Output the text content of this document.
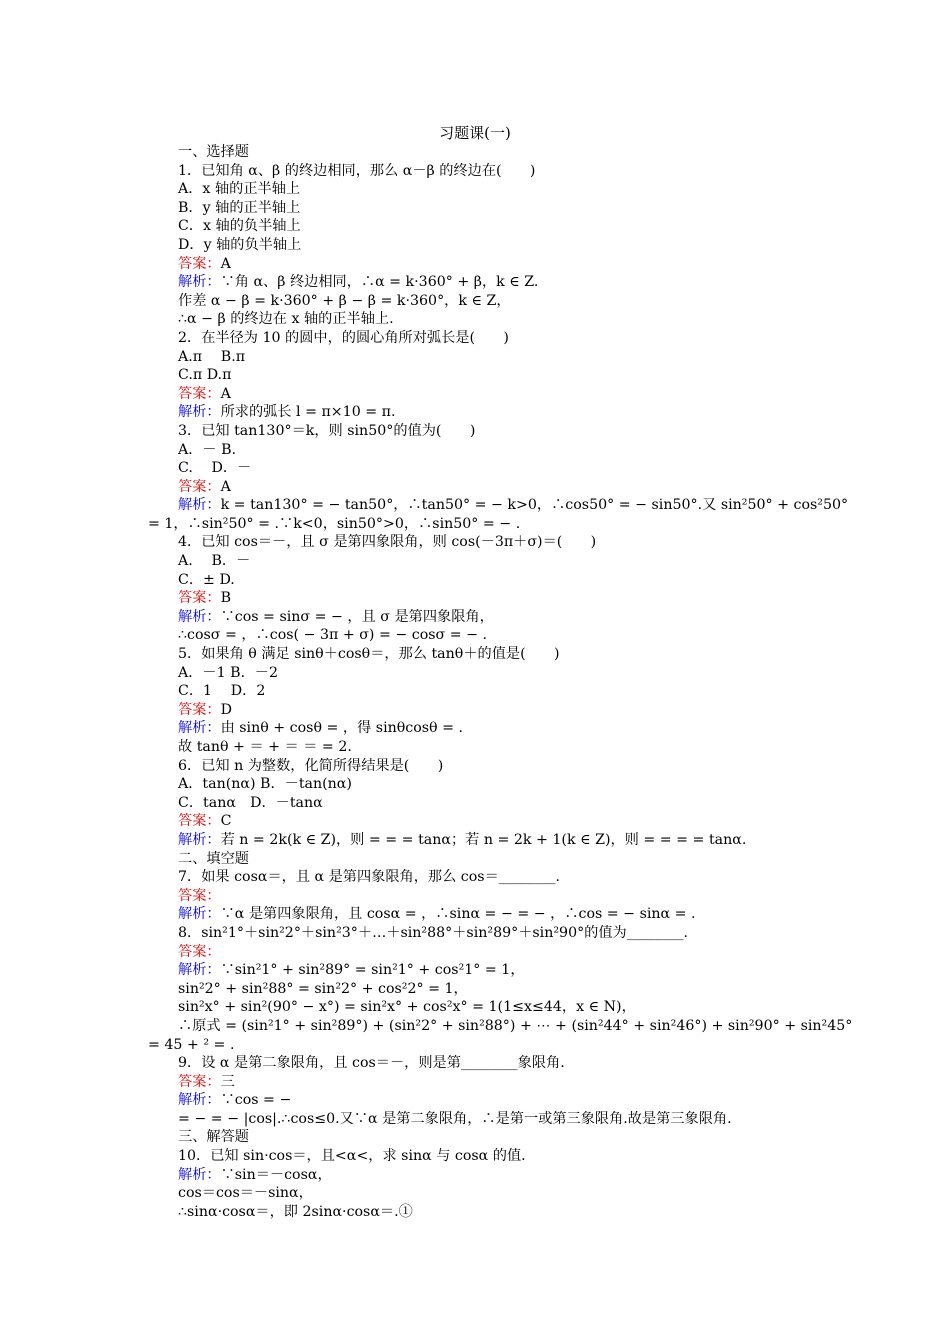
习题课(一)
一、选择题
1．已知角 α、β 的终边相同，那么 α－β 的终边在(　　)
A．x 轴的正半轴上
B．y 轴的正半轴上
C．x 轴的负半轴上
D．y 轴的负半轴上
答案：A
解析：∵角 α、β 终边相同，∴α = k·360° + β，k ∈ Z.
作差 α − β = k·360° + β − β = k·360°，k ∈ Z，
∴α − β 的终边在 x 轴的正半轴上.
2．在半径为 10 的圆中，的圆心角所对弧长是(　　)
A.π　 B.π
C.π D.π
答案：A
解析：所求的弧长 l = π×10 = π.
3．已知 tan130°＝k，则 sin50°的值为(　　)
A．－ B.
C.　 D．－
答案：A
解析：k = tan130° = − tan50°，∴tan50° = − k>0，∴cos50° = − sin50°.又 sin²50° + cos²50°
= 1，∴sin²50° = .∵k<0，sin50°>0，∴sin50° = − .
4．已知 cos＝－，且 σ 是第四象限角，则 cos(－3π＋σ)＝(　　)
A.　 B．－
C．± D.
答案：B
解析：∵cos = sinσ = − ，且 σ 是第四象限角，
∴cosσ = ，∴cos( − 3π + σ) = − cosσ = − .
5．如果角 θ 满足 sinθ＋cosθ＝，那么 tanθ＋的值是(　　)
A．－1 B．－2
C．1　 D．2
答案：D
解析：由 sinθ + cosθ = ，得 sinθcosθ = .
故 tanθ + ＝ + ＝ ＝ = 2.
6．已知 n 为整数，化简所得结果是(　　)
A．tan(nα) B．－tan(nα)
C．tanα　D．－tanα
答案：C
解析：若 n = 2k(k ∈ Z)，则 = = = tanα；若 n = 2k + 1(k ∈ Z)，则 = = = = tanα.
二、填空题
7．如果 cosα＝，且 α 是第四象限角，那么 cos＝________.
答案：
解析：∵α 是第四象限角，且 cosα = ，∴sinα = − = − ，∴cos = − sinα = .
8．sin²1°＋sin²2°＋sin²3°＋…＋sin²88°＋sin²89°＋sin²90°的值为________.
答案：
解析：∵sin²1° + sin²89° = sin²1° + cos²1° = 1，
sin²2° + sin²88° = sin²2° + cos²2° = 1，
sin²x° + sin²(90° − x°) = sin²x° + cos²x° = 1(1≤x≤44，x ∈ N)，
∴原式 = (sin²1° + sin²89°) + (sin²2° + sin²88°) + ⋯ + (sin²44° + sin²46°) + sin²90° + sin²45°
= 45 + ² = .
9．设 α 是第二象限角，且 cos＝－，则是第________象限角.
答案：三
解析：∵cos = −
= − = − |cos|.∴cos≤0.又∵α 是第二象限角，∴是第一或第三象限角.故是第三象限角.
三、解答题
10．已知 sin·cos＝，且<α<，求 sinα 与 cosα 的值.
解析：∵sin＝－cosα，
cos＝cos＝－sinα，
∴sinα·cosα＝，即 2sinα·cosα＝.①
